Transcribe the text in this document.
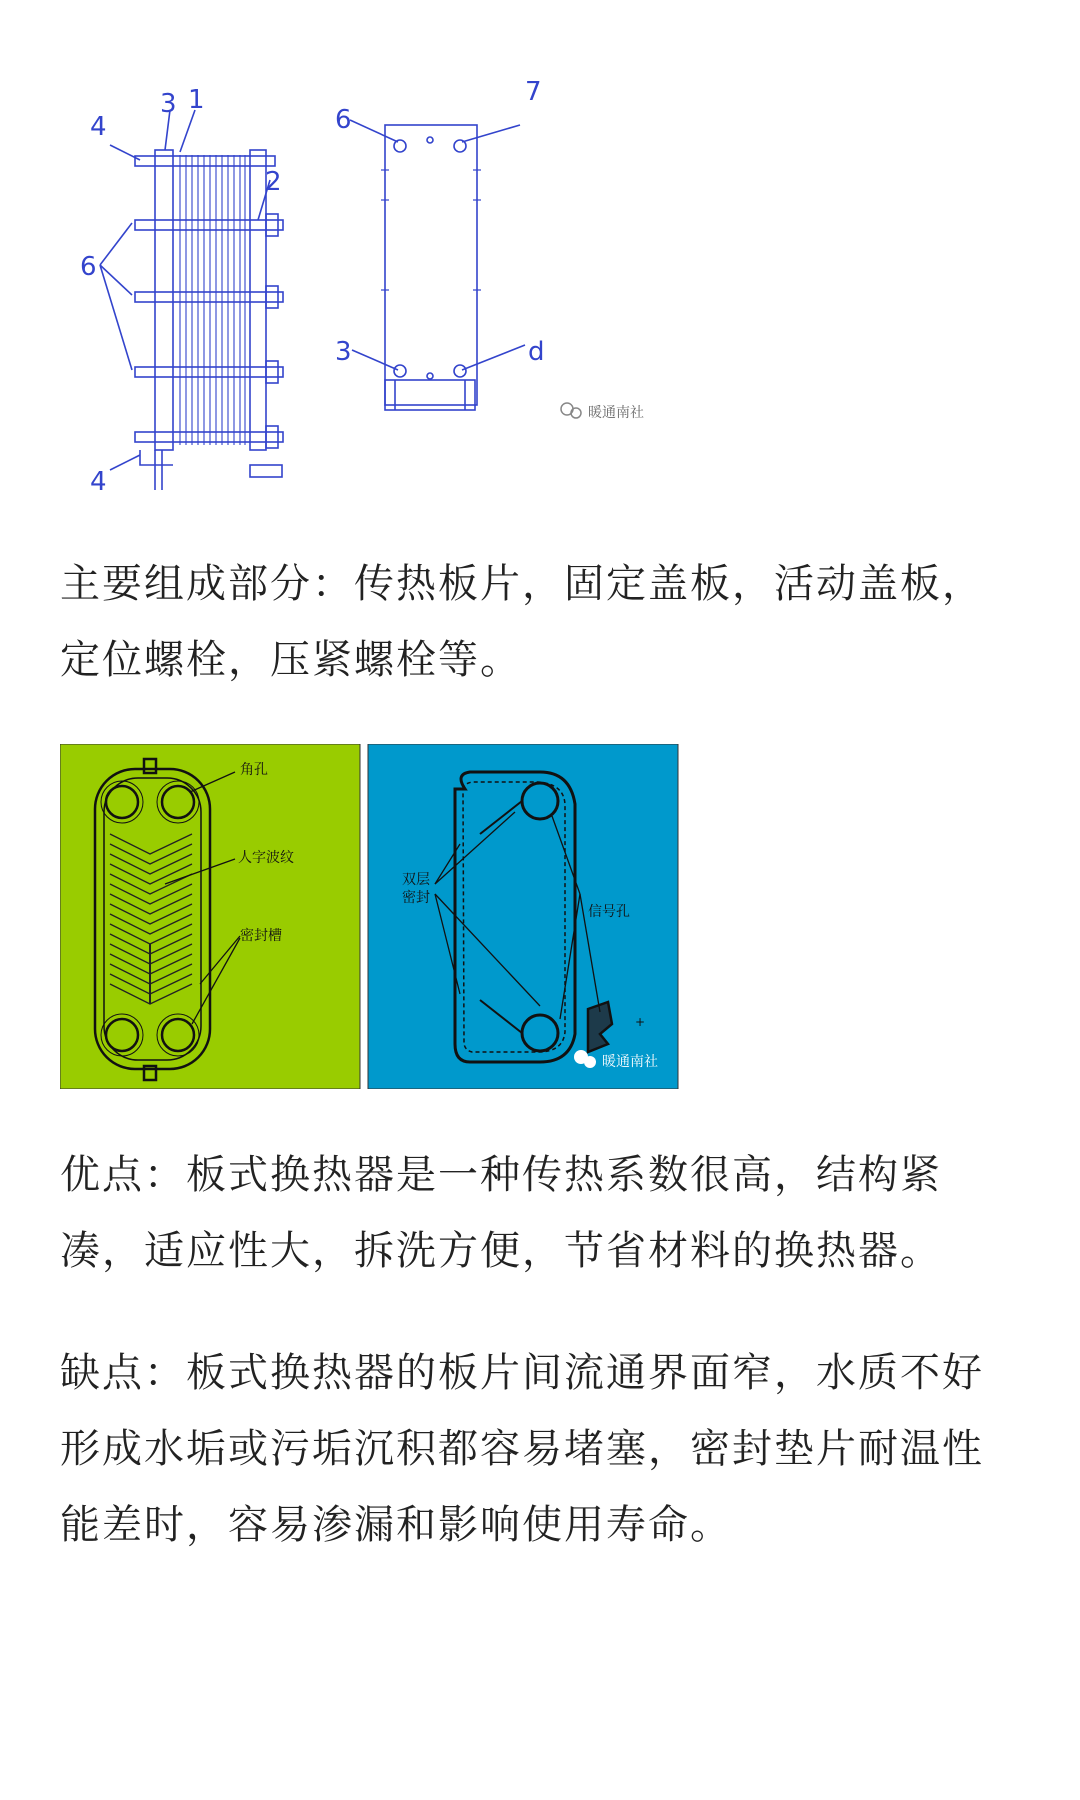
4
3 1
2
6
4
6
7
3	d
暖通南社

主要组成部分：传热板片，固定盖板，活动盖板，定位螺栓，压紧螺栓等。

角孔
人字波纹
密封槽
双层
密封
信号孔
+
暖通南社

优点：板式换热器是一种传热系数很高，结构紧凑，适应性大，拆洗方便，节省材料的换热器。

缺点：板式换热器的板片间流通界面窄，水质不好形成水垢或污垢沉积都容易堵塞，密封垫片耐温性能差时，容易渗漏和影响使用寿命。
